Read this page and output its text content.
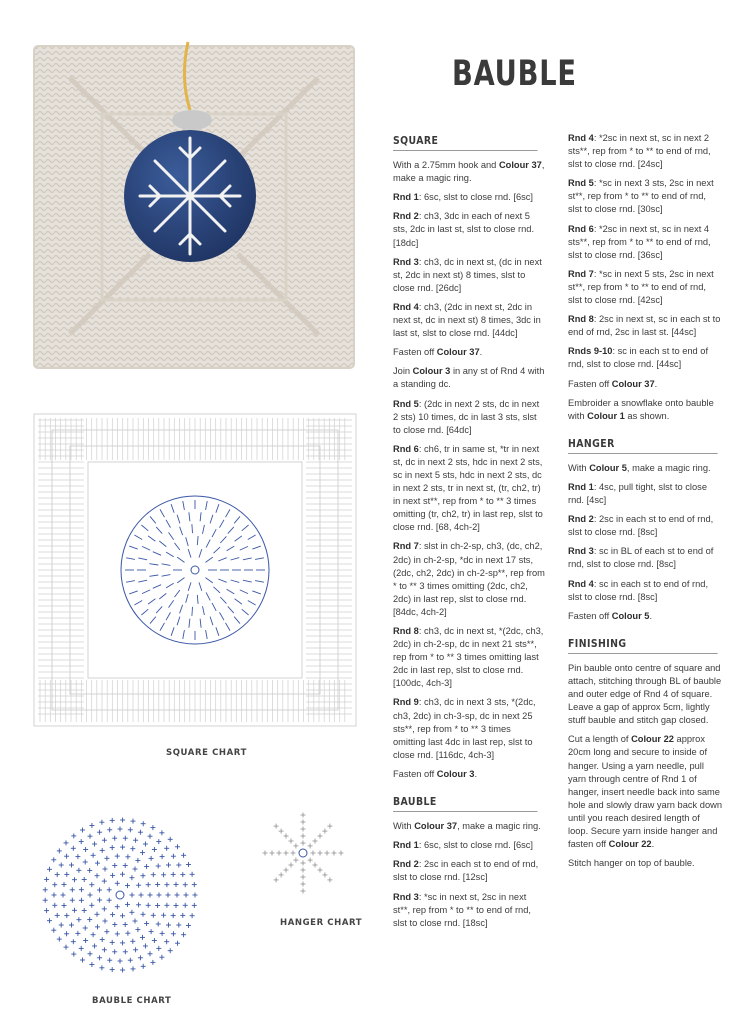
BAUBLE
SQUARE CHART
BAUBLE CHART
HANGER CHART
SQUARE

With a 2.75mm hook and Colour 37, make a magic ring.

Rnd 1: 6sc, slst to close rnd. [6sc]

Rnd 2: ch3, 3dc in each of next 5 sts, 2dc in last st, slst to close rnd. [18dc]

Rnd 3: ch3, dc in next st, (dc in next st, 2dc in next st) 8 times, slst to close rnd. [26dc]

Rnd 4: ch3, (2dc in next st, 2dc in next st, dc in next st) 8 times, 3dc in last st, slst to close rnd. [44dc]

Fasten off Colour 37.

Join Colour 3 in any st of Rnd 4 with a standing dc.

Rnd 5: (2dc in next 2 sts, dc in next 2 sts) 10 times, dc in last 3 sts, slst to close rnd. [64dc]

Rnd 6: ch6, tr in same st, *tr in next st, dc in next 2 sts, hdc in next 2 sts, sc in next 5 sts, hdc in next 2 sts, dc in next 2 sts, tr in next st, (tr, ch2, tr) in next st**, rep from * to ** 3 times omitting (tr, ch2, tr) in last rep, slst to close rnd. [68, 4ch-2]

Rnd 7: slst in ch-2-sp, ch3, (dc, ch2, 2dc) in ch-2-sp, *dc in next 17 sts, (2dc, ch2, 2dc) in ch-2-sp**, rep from * to ** 3 times omitting (2dc, ch2, 2dc) in last rep, slst to close rnd. [84dc, 4ch-2]

Rnd 8: ch3, dc in next st, *(2dc, ch3, 2dc) in ch-2-sp, dc in next 21 sts**, rep from * to ** 3 times omitting last 2dc in last rep, slst to close rnd. [100dc, 4ch-3]

Rnd 9: ch3, dc in next 3 sts, *(2dc, ch3, 2dc) in ch-3-sp, dc in next 25 sts**, rep from * to ** 3 times omitting last 4dc in last rep, slst to close rnd. [116dc, 4ch-3]

Fasten off Colour 3.

BAUBLE

With Colour 37, make a magic ring.

Rnd 1: 6sc, slst to close rnd. [6sc]

Rnd 2: 2sc in each st to end of rnd, slst to close rnd. [12sc]

Rnd 3: *sc in next st, 2sc in next st**, rep from * to ** to end of rnd, slst to close rnd. [18sc]

Rnd 4: *2sc in next st, sc in next 2 sts**, rep from * to ** to end of rnd, slst to close rnd. [24sc]

Rnd 5: *sc in next 3 sts, 2sc in next st**, rep from * to ** to end of rnd, slst to close rnd. [30sc]

Rnd 6: *2sc in next st, sc in next 4 sts**, rep from * to ** to end of rnd, slst to close rnd. [36sc]

Rnd 7: *sc in next 5 sts, 2sc in next st**, rep from * to ** to end of rnd, slst to close rnd. [42sc]

Rnd 8: 2sc in next st, sc in each st to end of rnd, 2sc in last st. [44sc]

Rnds 9-10: sc in each st to end of rnd, slst to close rnd. [44sc]

Fasten off Colour 37.

Embroider a snowflake onto bauble with Colour 1 as shown.

HANGER

With Colour 5, make a magic ring.

Rnd 1: 4sc, pull tight, slst to close rnd. [4sc]

Rnd 2: 2sc in each st to end of rnd, slst to close rnd. [8sc]

Rnd 3: sc in BL of each st to end of rnd, slst to close rnd. [8sc]

Rnd 4: sc in each st to end of rnd, slst to close rnd. [8sc]

Fasten off Colour 5.

FINISHING

Pin bauble onto centre of square and attach, stitching through BL of bauble and outer edge of Rnd 4 of square. Leave a gap of approx 5cm, lightly stuff bauble and stitch gap closed.

Cut a length of Colour 22 approx 20cm long and secure to inside of hanger. Using a yarn needle, pull yarn through centre of Rnd 1 of hanger, insert needle back into same hole and slowly draw yarn back down until you reach desired length of loop. Secure yarn inside hanger and fasten off Colour 22.

Stitch hanger on top of bauble.
